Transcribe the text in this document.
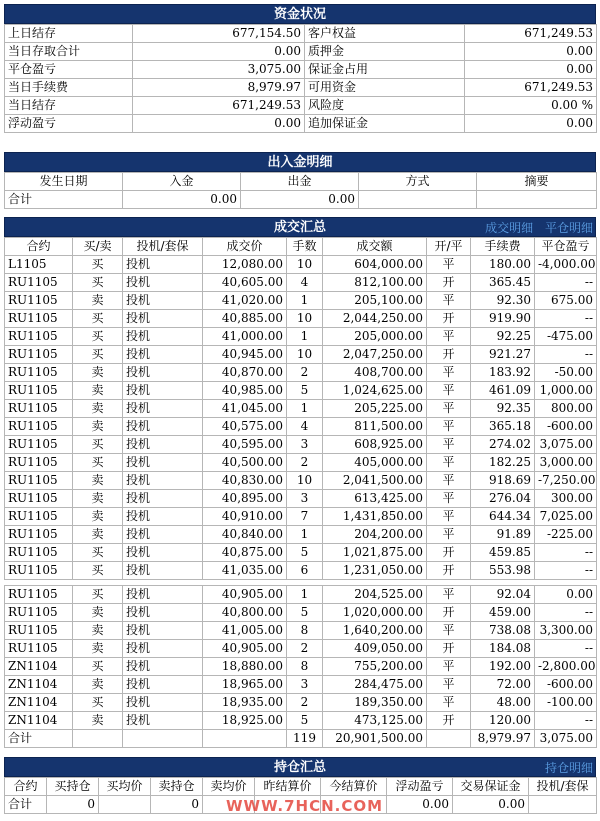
资金状况
上日结存	677,154.50	客户权益	671,249.53
当日存取合计	0.00	质押金	0.00
平仓盈亏	3,075.00	保证金占用	0.00
当日手续费	8,979.97	可用资金	671,249.53
当日结存	671,249.53	风险度	0.00 %
浮动盈亏	0.00	追加保证金	0.00
出入金明细
发生日期	入金	出金	方式	摘要
合计	0.00	0.00		
成交汇总	成交明细 平仓明细
合约	买/卖	投机/套保	成交价	手数	成交额	开/平	手续费	平仓盈亏
L1105	买	投机	12,080.00	10	604,000.00	平	180.00	-4,000.00
RU1105	买	投机	40,605.00	4	812,100.00	开	365.45	--
RU1105	卖	投机	41,020.00	1	205,100.00	平	92.30	675.00
RU1105	买	投机	40,885.00	10	2,044,250.00	开	919.90	--
RU1105	买	投机	41,000.00	1	205,000.00	平	92.25	-475.00
RU1105	买	投机	40,945.00	10	2,047,250.00	开	921.27	--
RU1105	卖	投机	40,870.00	2	408,700.00	平	183.92	-50.00
RU1105	卖	投机	40,985.00	5	1,024,625.00	平	461.09	1,000.00
RU1105	卖	投机	41,045.00	1	205,225.00	平	92.35	800.00
RU1105	卖	投机	40,575.00	4	811,500.00	平	365.18	-600.00
RU1105	买	投机	40,595.00	3	608,925.00	平	274.02	3,075.00
RU1105	买	投机	40,500.00	2	405,000.00	平	182.25	3,000.00
RU1105	卖	投机	40,830.00	10	2,041,500.00	平	918.69	-7,250.00
RU1105	卖	投机	40,895.00	3	613,425.00	平	276.04	300.00
RU1105	卖	投机	40,910.00	7	1,431,850.00	平	644.34	7,025.00
RU1105	卖	投机	40,840.00	1	204,200.00	平	91.89	-225.00
RU1105	买	投机	40,875.00	5	1,021,875.00	开	459.85	--
RU1105	买	投机	41,035.00	6	1,231,050.00	开	553.98	--

RU1105	买	投机	40,905.00	1	204,525.00	平	92.04	0.00
RU1105	卖	投机	40,800.00	5	1,020,000.00	开	459.00	--
RU1105	卖	投机	41,005.00	8	1,640,200.00	平	738.08	3,300.00
RU1105	卖	投机	40,905.00	2	409,050.00	开	184.08	--
ZN1104	买	投机	18,880.00	8	755,200.00	平	192.00	-2,800.00
ZN1104	卖	投机	18,965.00	3	284,475.00	平	72.00	-600.00
ZN1104	买	投机	18,935.00	2	189,350.00	平	48.00	-100.00
ZN1104	卖	投机	18,925.00	5	473,125.00	开	120.00	--
合计				119	20,901,500.00		8,979.97	3,075.00
持仓汇总	持仓明细
合约	买持仓	买均价	卖持仓	卖均价	昨结算价	今结算价	浮动盈亏	交易保证金	投机/套保
合计	0		0				0.00	0.00	
WWW.7HCN.COM
